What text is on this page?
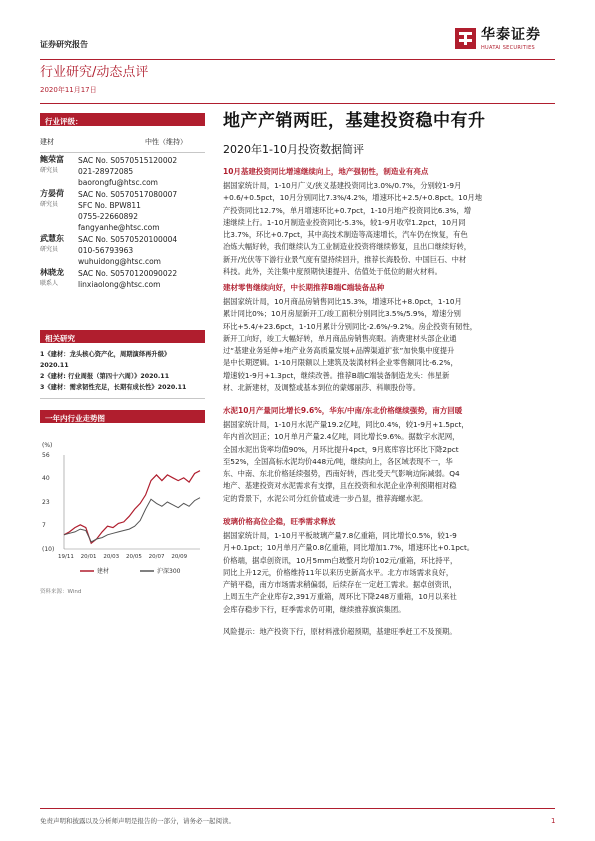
证券研究报告
华泰证券
HUATAI SECURITIES
行业研究/动态点评
2020年11月17日
行业评级：
建材	中性（维持）
鲍荣富
研究员
SAC No. S0570515120002
021-28972085
baorongfu@htsc.com
方晏荷
研究员
SAC No. S0570517080007
SFC No. BPW811
0755-22660892
fangyanhe@htsc.com
武慧东
研究员
SAC No. S0570520100004
010-56793963
wuhuidong@htsc.com
林晓龙
联系人
SAC No. S0570120090022
linxiaolong@htsc.com
相关研究
1《建材：龙头核心资产化，周期演绎再升级》
2020.11
2《建材: 行业周报（第四十六周）》2020.11
3《建材：需求韧性充足，长期有成长性》2020.11
一年内行业走势图
(%)
(10)
7
23
40
56
19/11 20/01 20/03 20/05 20/07 20/09
建材	沪深300
资料来源：Wind
地产产销两旺，基建投资稳中有升
2020年1-10月投资数据简评
10月基建投资同比增速继续向上，地产强韧性，制造业有亮点
据国家统计局，1-10月广义/狭义基建投资同比3.0%/0.7%，分别较1-9月
+0.6/+0.5pct，10月分别同比7.3%/4.2%，增速环比+2.5/+0.8pct。10月地
产投资同比12.7%，单月增速环比+0.7pct，1-10月地产投资同比6.3%，增
速继续上行。1-10月制造业投资同比-5.3%，较1-9月收窄1.2pct，10月同
比3.7%，环比+0.7pct，其中高技术制造等高速增长，汽车仍在恢复，有色
冶炼大幅好转，我们继续认为工业制造业投资将继续修复，且出口继续好转，
新开/光伏等下游行业景气度有望持续回升，推荐长海股份、中国巨石、中材
科技。此外，关注集中度预期快速提升、估值处于低位的耐火材料。
建材零售继续向好，中长期推荐B端C端装备品种
据国家统计局，10月商品房销售同比15.3%，增速环比+8.0pct，1-10月
累计同比0%；10月房屋新开工/竣工面积分别同比3.5%/5.9%，增速分别
环比+5.4/+23.6pct，1-10月累计分别同比-2.6%/-9.2%。房企投资有韧性，
新开工向好，竣工大幅好转，单月商品房销售亮眼。消费建材头部企业通
过“基建业务延伸+地产业务高质量发展+品牌渠道扩张”加快集中度提升
是中长期逻辑。1-10月限额以上建筑及装潢材料企业零售额同比-6.2%，
增速较1-9月+1.3pct，继续改善。推荐B端C端装备制造龙头：伟星新
材、北新建材，及调整或基本到位的蒙娜丽莎、科顺股份等。
水泥10月产量同比增长9.6%，华东/中南/东北价格继续强势，南方回暖
据国家统计局，1-10月水泥产量19.2亿吨，同比0.4%，较1-9月+1.5pct，
年内首次回正；10月单月产量2.4亿吨，同比增长9.6%。据数字水泥网，
全国水泥出货率均值90%，月环比提升4pct，9月底库容比环比下降2pct
至52%，全国高标水泥均价448元/吨，继续向上，各区域表现不一，华
东、中南、东北价格延续强势，西南好转，西北受天气影响边际减弱。Q4
地产、基建投资对水泥需求有支撑，且在投资和水泥企业净利预期相对稳
定的背景下，水泥公司分红价值或进一步凸显，推荐海螺水泥。
玻璃价格高位企稳，旺季需求释放
据国家统计局，1-10月平板玻璃产量7.8亿重箱，同比增长0.5%，较1-9
月+0.1pct；10月单月产量0.8亿重箱，同比增加1.7%，增速环比+0.1pct。
价格端，据卓创资讯，10月5mm白玻整月均价102元/重箱，环比持平，
同比上升12元，价格维持11年以来历史新高水平。北方市场需求良好，
产销平稳，南方市场需求稍偏弱，后续存在一定赶工需求。据卓创资讯，
上周五生产企业库存2,391万重箱，周环比下降248万重箱，10月以来社
会库存稳步下行，旺季需求仍可期，继续推荐旗滨集团。
风险提示：地产投资下行，原材料涨价超预期，基建旺季赶工不及预期。
免责声明和披露以及分析师声明是报告的一部分，请务必一起阅读。	1
